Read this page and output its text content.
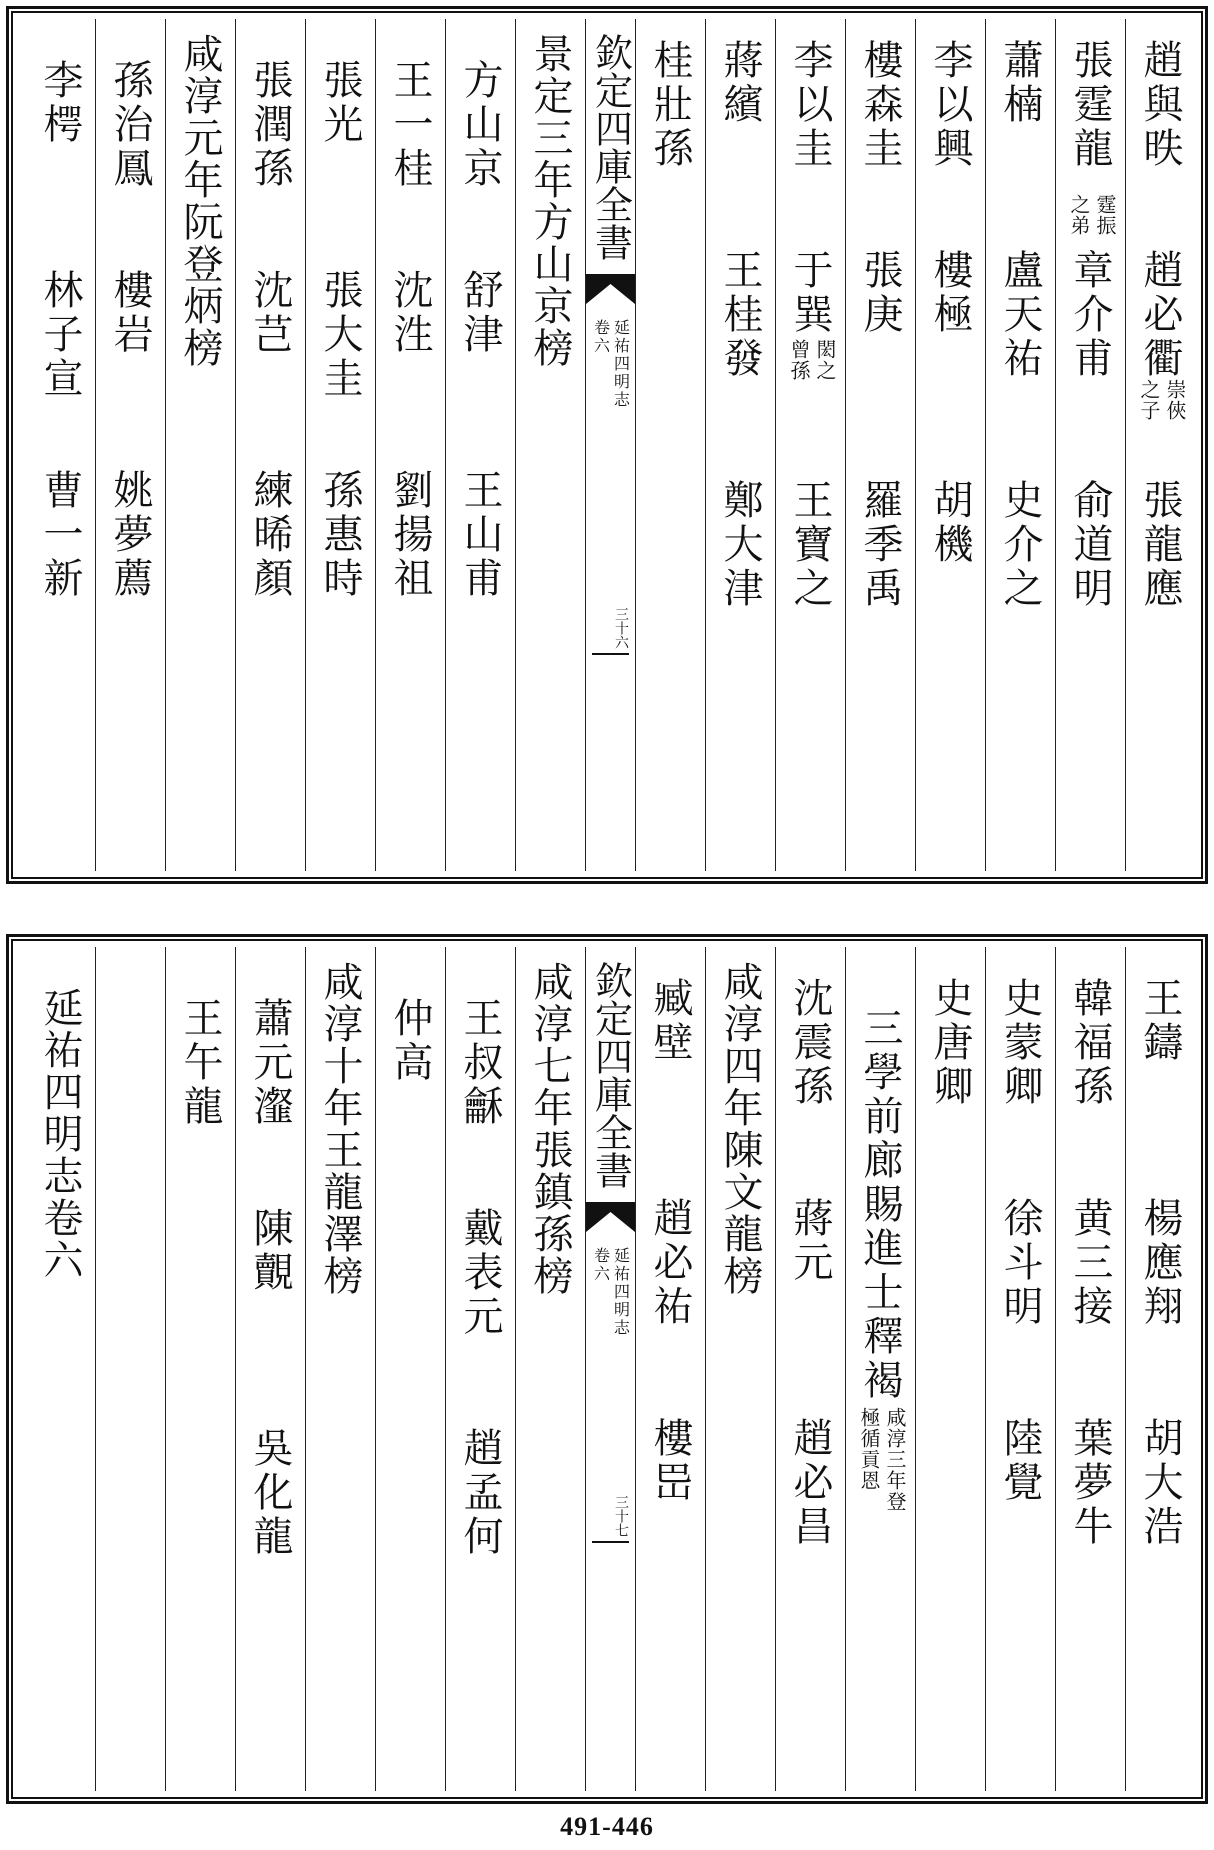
趙與昳
趙必衢
崇俠
之子
張龍應
張霆龍
霆振
之弟
章介甫
俞道明
蕭楠
盧天祐
史介之
李以興
樓極
胡機
樓森圭
張庚
羅季禹
李以圭
于巽
閎之
曾孫
王寶之
蔣繽
王桂發
鄭大津
桂壯孫
欽定四庫全書
延祐四明志
卷六
三十六
景定三年方山京榜
方山京
舒津
王山甫
王一桂
沈泩
劉揚祖
張光
張大圭
孫惠時
張潤孫
沈芑
練晞顏
咸淳元年阮登炳榜
孫治鳳
樓岩
姚夢薦
李㮙
林子宣
曹一新
王鑄
楊應翔
胡大浩
韓福孫
黄三接
葉夢牛
史蒙卿
徐斗明
陸覺
史唐卿
三學前廊賜進士釋褐
咸淳三年登
極循貢恩
沈震孫
蔣元
趙必昌
咸淳四年陳文龍榜
臧壁
趙必祐
樓岊
欽定四庫全書
延祐四明志
卷六
三十七
咸淳七年張鎮孫榜
王叔龢
戴表元
趙孟何
仲高
咸淳十年王龍澤榜
蕭元瀣
陳覿
吳化龍
王午龍
延祐四明志卷六
491-446
